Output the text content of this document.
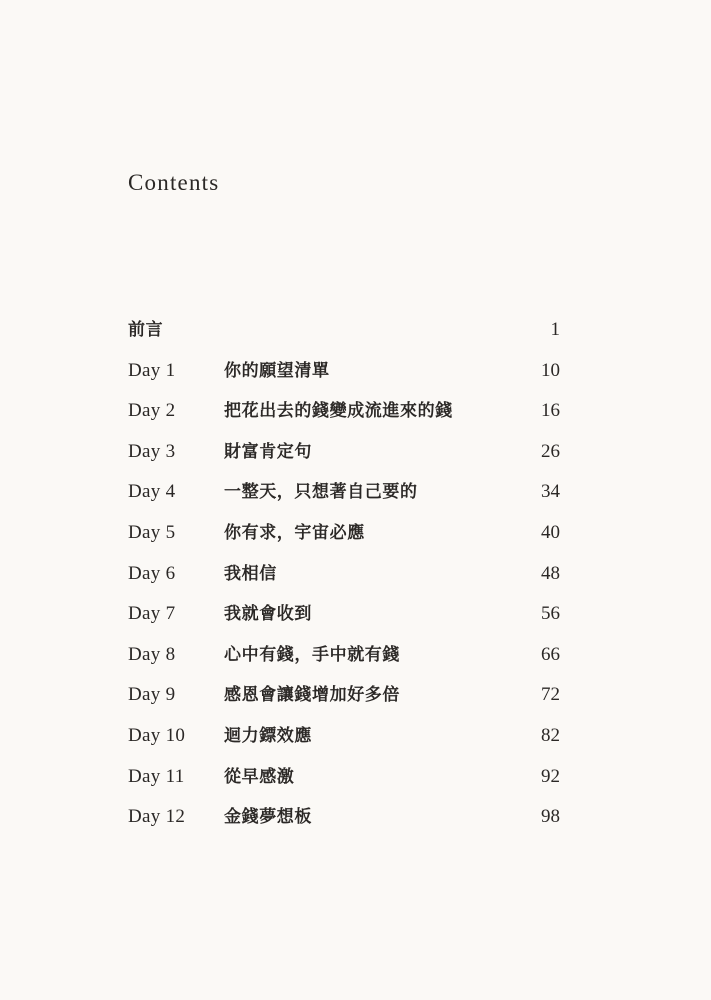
Contents
前言	1
Day 1	你的願望清單	10
Day 2	把花出去的錢變成流進來的錢	16
Day 3	財富肯定句	26
Day 4	一整天，只想著自己要的	34
Day 5	你有求，宇宙必應	40
Day 6	我相信	48
Day 7	我就會收到	56
Day 8	心中有錢，手中就有錢	66
Day 9	感恩會讓錢增加好多倍	72
Day 10 迴力鏢效應	82
Day 11 從早感激	92
Day 12 金錢夢想板	98
